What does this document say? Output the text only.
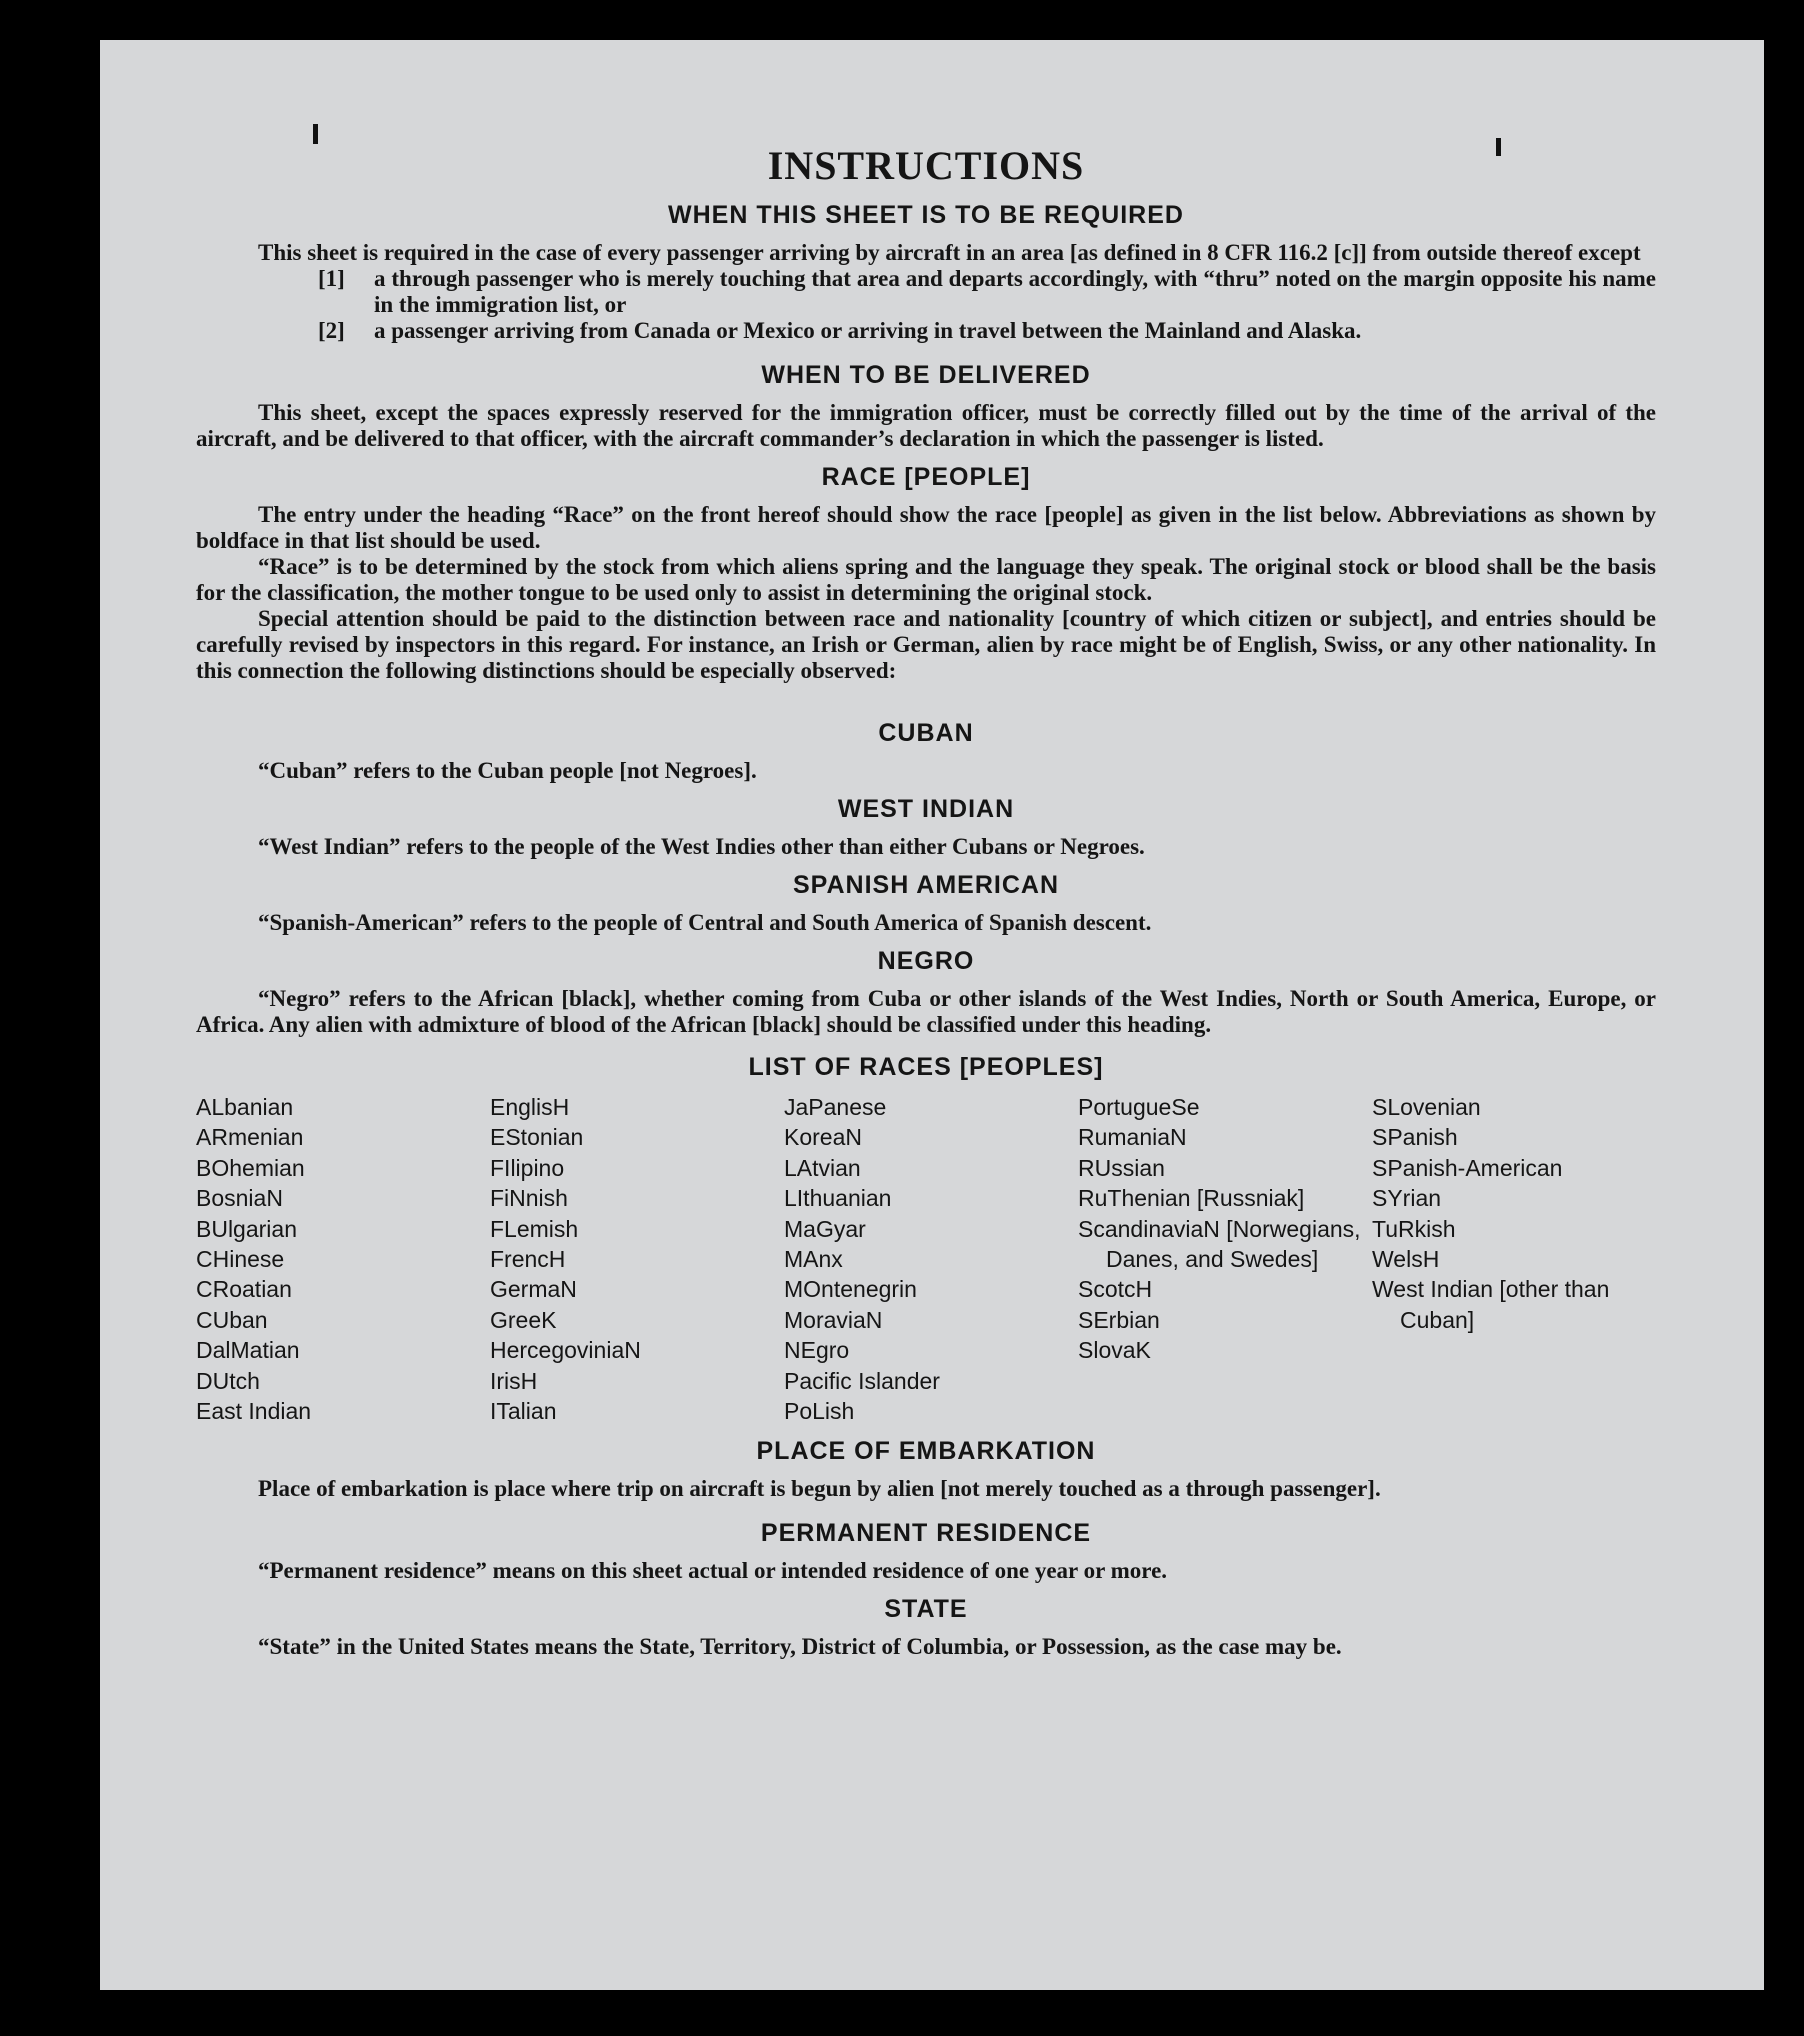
INSTRUCTIONS
WHEN THIS SHEET IS TO BE REQUIRED

This sheet is required in the case of every passenger arriving by aircraft in an area [as defined in 8 CFR 116.2 [c]] from outside thereof except

[1]	a through passenger who is merely touching that area and departs accordingly, with “thru” noted on the margin opposite his name in the immigration list, or
[2]	a passenger arriving from Canada or Mexico or arriving in travel between the Mainland and Alaska.
WHEN TO BE DELIVERED

This sheet, except the spaces expressly reserved for the immigration officer, must be correctly filled out by the time of the arrival of the aircraft, and be delivered to that officer, with the aircraft commander’s declaration in which the passenger is listed.

RACE [PEOPLE]

The entry under the heading “Race” on the front hereof should show the race [people] as given in the list below. Abbreviations as shown by boldface in that list should be used.

“Race” is to be determined by the stock from which aliens spring and the language they speak. The original stock or blood shall be the basis for the classification, the mother tongue to be used only to assist in determining the original stock.

Special attention should be paid to the distinction between race and nationality [country of which citizen or subject], and entries should be carefully revised by inspectors in this regard. For instance, an Irish or German, alien by race might be of English, Swiss, or any other nationality. In this connection the following distinctions should be especially observed:

CUBAN

“Cuban” refers to the Cuban people [not Negroes].

WEST INDIAN

“West Indian” refers to the people of the West Indies other than either Cubans or Negroes.

SPANISH AMERICAN

“Spanish-American” refers to the people of Central and South America of Spanish descent.

NEGRO

“Negro” refers to the African [black], whether coming from Cuba or other islands of the West Indies, North or South America, Europe, or Africa. Any alien with admixture of blood of the African [black] should be classified under this heading.

LIST OF RACES [PEOPLES]
ALbanian
ARmenian
BOhemian
BosniaN
BUlgarian
CHinese
CRoatian
CUban
DalMatian
DUtch
East Indian
EnglisH
EStonian
FIlipino
FiNnish
FLemish
FrencH
GermaN
GreeK
HercegoviniaN
IrisH
ITalian
JaPanese
KoreaN
LAtvian
LIthuanian
MaGyar
MAnx
MOntenegrin
MoraviaN
NEgro
Pacific Islander
PoLish
PortugueSe
RumaniaN
RUssian
RuThenian [Russniak]
ScandinaviaN [Norwegians, Danes, and Swedes]
ScotcH
SErbian
SlovaK
SLovenian
SPanish
SPanish-American
SYrian
TuRkish
WelsH
West Indian [other than Cuban]
PLACE OF EMBARKATION

Place of embarkation is place where trip on aircraft is begun by alien [not merely touched as a through passenger].

PERMANENT RESIDENCE

“Permanent residence” means on this sheet actual or intended residence of one year or more.

STATE

“State” in the United States means the State, Territory, District of Columbia, or Possession, as the case may be.
